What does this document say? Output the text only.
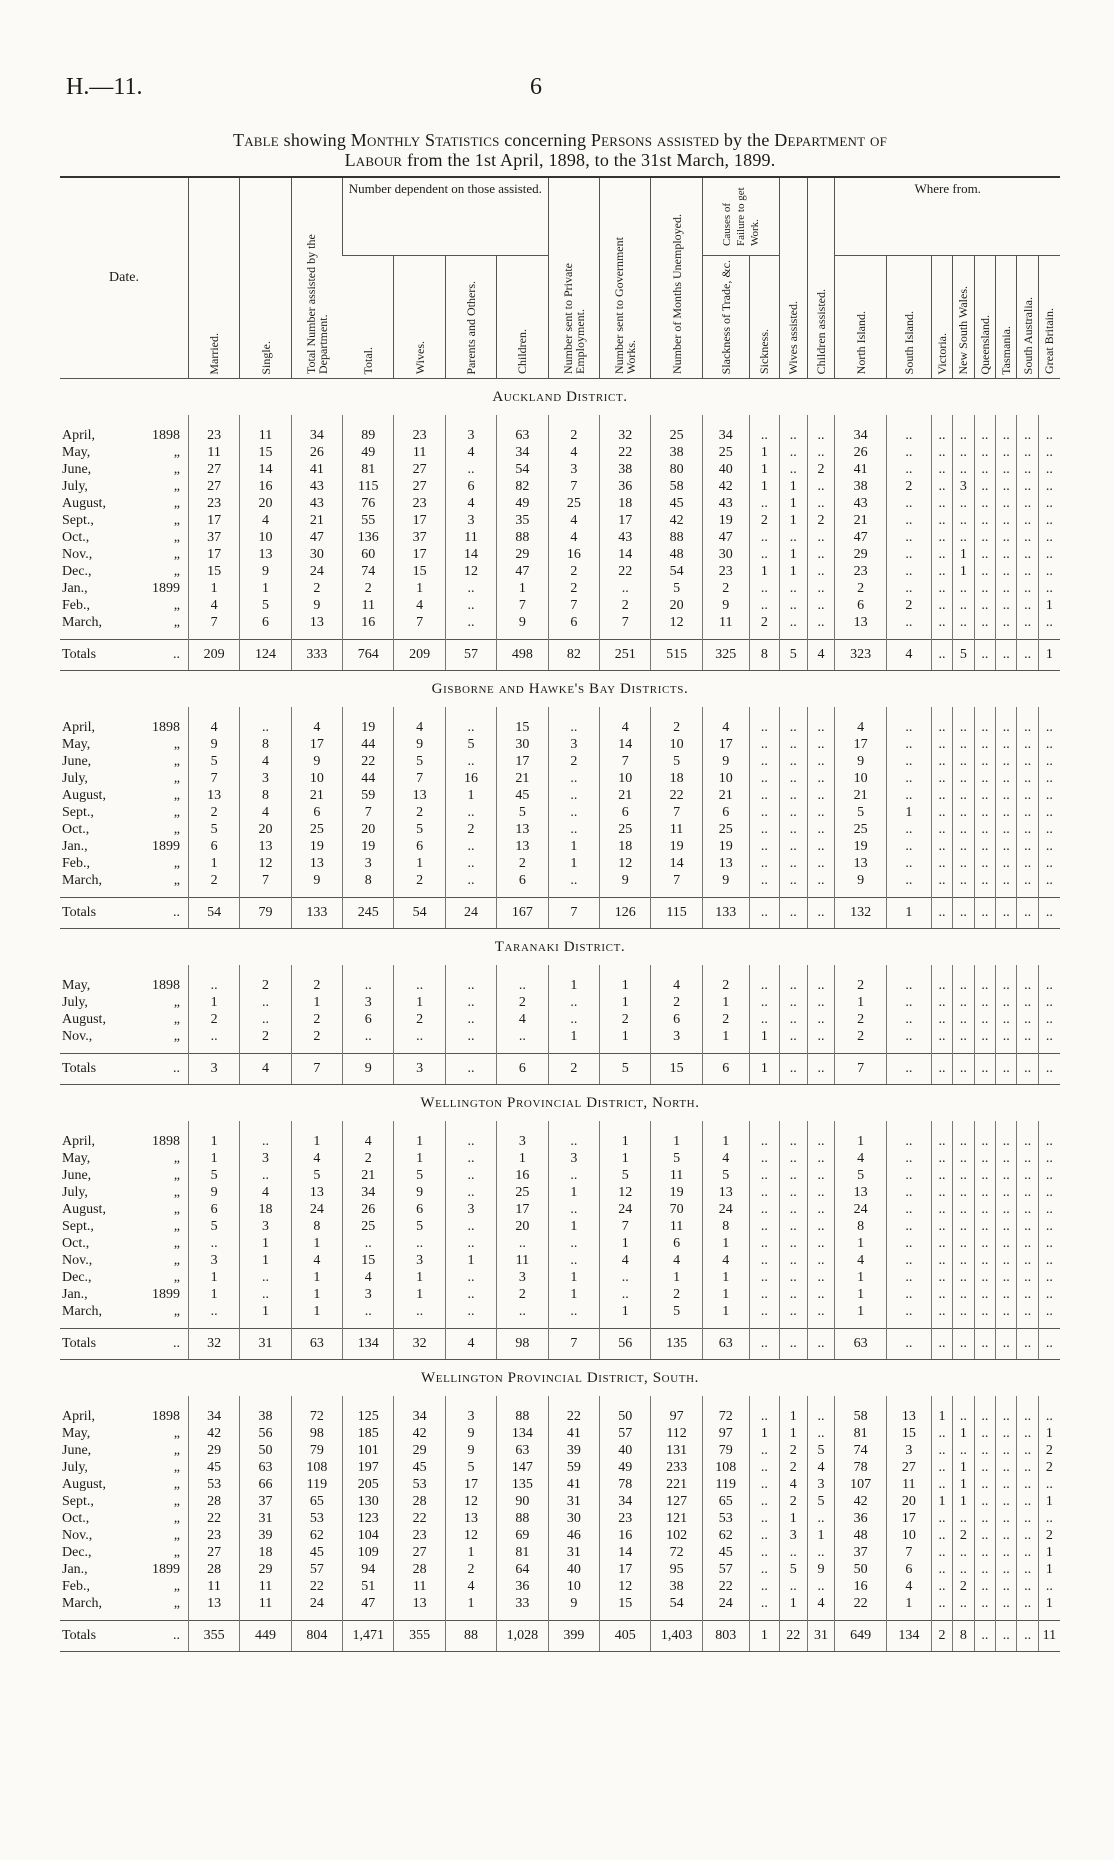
H.—11.	6
Table showing Monthly Statistics concerning Persons assisted by the Department of
Labour from the 1st April, 1898, to the 31st March, 1899.
Date.	Married.	Single.	Total Number assisted by the Department.	Number dependent on those assisted.				Number sent to Private Employment.	Number sent to Government Works.	Number of Months Unemployed.	Causes of Failure to get Work.		Wives assisted.	Children assisted.	Where from.							
				Total.	Wives.	Parents and Others.	Children.				Slackness of Trade, &c.	Sickness.			North Island.	South Island.	Victoria.	New South Wales.	Queensland.	Tasmania.	South Australia.	Great Britain.
Auckland District.																						

April, 1898	23	11	34	89	23	3	63	2	32	25	34	..	..	..	34	..	..	..	..	..	..	..

May, „	11	15	26	49	11	4	34	4	22	38	25	1	..	..	26	..	..	..	..	..	..	..

June, „	27	14	41	81	27	..	54	3	38	80	40	1	..	2	41	..	..	..	..	..	..	..

July, „	27	16	43	115	27	6	82	7	36	58	42	1	1	..	38	2	..	3	..	..	..	..

August, „	23	20	43	76	23	4	49	25	18	45	43	..	1	..	43	..	..	..	..	..	..	..

Sept., „	17	4	21	55	17	3	35	4	17	42	19	2	1	2	21	..	..	..	..	..	..	..

Oct., „	37	10	47	136	37	11	88	4	43	88	47	..	..	..	47	..	..	..	..	..	..	..

Nov., „	17	13	30	60	17	14	29	16	14	48	30	..	1	..	29	..	..	1	..	..	..	..

Dec., „	15	9	24	74	15	12	47	2	22	54	23	1	1	..	23	..	..	1	..	..	..	..

Jan., 1899	1	1	2	2	1	..	1	2	..	5	2	..	..	..	2	..	..	..	..	..	..	..

Feb., „	4	5	9	11	4	..	7	7	2	20	9	..	..	..	6	2	..	..	..	..	..	1

March, „	7	6	13	16	7	..	9	6	7	12	11	2	..	..	13	..	..	..	..	..	..	..

Totals ..	209	124	333	764	209	57	498	82	251	515	325	8	5	4	323	4	..	5	..	..	..	1
Gisborne and Hawke's Bay Districts.																						

April, 1898	4	..	4	19	4	..	15	..	4	2	4	..	..	..	4	..	..	..	..	..	..	..

May, „	9	8	17	44	9	5	30	3	14	10	17	..	..	..	17	..	..	..	..	..	..	..

June, „	5	4	9	22	5	..	17	2	7	5	9	..	..	..	9	..	..	..	..	..	..	..

July, „	7	3	10	44	7	16	21	..	10	18	10	..	..	..	10	..	..	..	..	..	..	..

August, „	13	8	21	59	13	1	45	..	21	22	21	..	..	..	21	..	..	..	..	..	..	..

Sept., „	2	4	6	7	2	..	5	..	6	7	6	..	..	..	5	1	..	..	..	..	..	..

Oct., „	5	20	25	20	5	2	13	..	25	11	25	..	..	..	25	..	..	..	..	..	..	..

Jan., 1899	6	13	19	19	6	..	13	1	18	19	19	..	..	..	19	..	..	..	..	..	..	..

Feb., „	1	12	13	3	1	..	2	1	12	14	13	..	..	..	13	..	..	..	..	..	..	..

March, „	2	7	9	8	2	..	6	..	9	7	9	..	..	..	9	..	..	..	..	..	..	..

Totals ..	54	79	133	245	54	24	167	7	126	115	133	..	..	..	132	1	..	..	..	..	..	..
Taranaki District.																						

May, 1898	..	2	2	..	..	..	..	1	1	4	2	..	..	..	2	..	..	..	..	..	..	..

July, „	1	..	1	3	1	..	2	..	1	2	1	..	..	..	1	..	..	..	..	..	..	..

August, „	2	..	2	6	2	..	4	..	2	6	2	..	..	..	2	..	..	..	..	..	..	..

Nov., „	..	2	2	..	..	..	..	1	1	3	1	1	..	..	2	..	..	..	..	..	..	..

Totals ..	3	4	7	9	3	..	6	2	5	15	6	1	..	..	7	..	..	..	..	..	..	..
Wellington Provincial District, North.																						

April, 1898	1	..	1	4	1	..	3	..	1	1	1	..	..	..	1	..	..	..	..	..	..	..

May, „	1	3	4	2	1	..	1	3	1	5	4	..	..	..	4	..	..	..	..	..	..	..

June, „	5	..	5	21	5	..	16	..	5	11	5	..	..	..	5	..	..	..	..	..	..	..

July, „	9	4	13	34	9	..	25	1	12	19	13	..	..	..	13	..	..	..	..	..	..	..

August, „	6	18	24	26	6	3	17	..	24	70	24	..	..	..	24	..	..	..	..	..	..	..

Sept., „	5	3	8	25	5	..	20	1	7	11	8	..	..	..	8	..	..	..	..	..	..	..

Oct., „	..	1	1	..	..	..	..	..	1	6	1	..	..	..	1	..	..	..	..	..	..	..

Nov., „	3	1	4	15	3	1	11	..	4	4	4	..	..	..	4	..	..	..	..	..	..	..

Dec., „	1	..	1	4	1	..	3	1	..	1	1	..	..	..	1	..	..	..	..	..	..	..

Jan., 1899	1	..	1	3	1	..	2	1	..	2	1	..	..	..	1	..	..	..	..	..	..	..

March, „	..	1	1	..	..	..	..	..	1	5	1	..	..	..	1	..	..	..	..	..	..	..

Totals ..	32	31	63	134	32	4	98	7	56	135	63	..	..	..	63	..	..	..	..	..	..	..
Wellington Provincial District, South.																						

April, 1898	34	38	72	125	34	3	88	22	50	97	72	..	1	..	58	13	1	..	..	..	..	..

May, „	42	56	98	185	42	9	134	41	57	112	97	1	1	..	81	15	..	1	..	..	..	1

June, „	29	50	79	101	29	9	63	39	40	131	79	..	2	5	74	3	..	..	..	..	..	2

July, „	45	63	108	197	45	5	147	59	49	233	108	..	2	4	78	27	..	1	..	..	..	2

August, „	53	66	119	205	53	17	135	41	78	221	119	..	4	3	107	11	..	1	..	..	..	..

Sept., „	28	37	65	130	28	12	90	31	34	127	65	..	2	5	42	20	1	1	..	..	..	1

Oct., „	22	31	53	123	22	13	88	30	23	121	53	..	1	..	36	17	..	..	..	..	..	..

Nov., „	23	39	62	104	23	12	69	46	16	102	62	..	3	1	48	10	..	2	..	..	..	2

Dec., „	27	18	45	109	27	1	81	31	14	72	45	..	..	..	37	7	..	..	..	..	..	1

Jan., 1899	28	29	57	94	28	2	64	40	17	95	57	..	5	9	50	6	..	..	..	..	..	1

Feb., „	11	11	22	51	11	4	36	10	12	38	22	..	..	..	16	4	..	2	..	..	..	..

March, „	13	11	24	47	13	1	33	9	15	54	24	..	1	4	22	1	..	..	..	..	..	1

Totals ..	355	449	804	1,471	355	88	1,028	399	405	1,403	803	1	22	31	649	134	2	8	..	..	..	11
